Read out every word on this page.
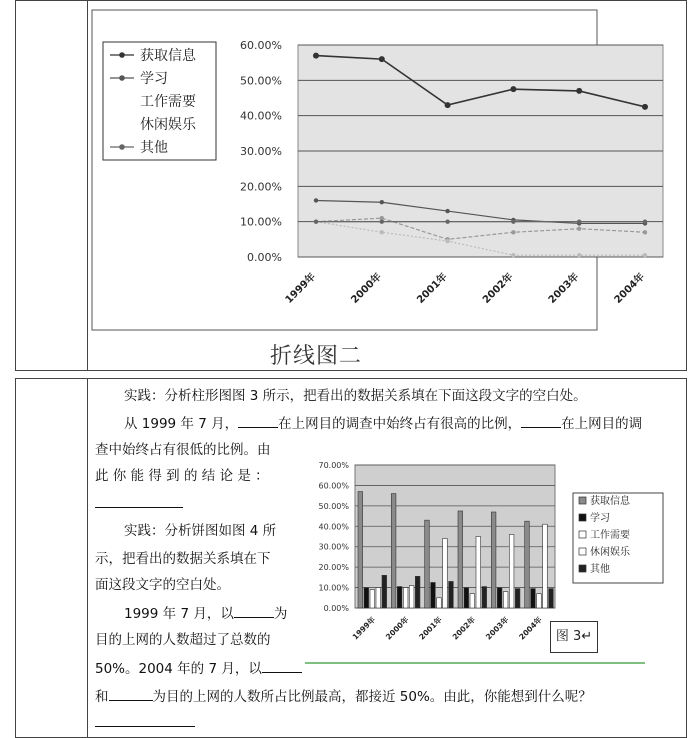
0.00%
10.00%
20.00%
30.00%
40.00%
50.00%
60.00%
1999年	2000年	2001年	2002年	2003年	2004年
获取信息
学习
工作需要
休闲娱乐
其他
折线图二
实践：分析柱形图图 3 所示，把看出的数据关系填在下面这段文字的空白处。
从 1999 年 7 月，	在上网目的调查中始终占有很高的比例，	在上网目的调
查中始终占有很低的比例。由
此 你 能 得 到 的 结 论 是 ：
实践：分析饼图如图 4 所
示，把看出的数据关系填在下
面这段文字的空白处。
1999 年 7 月，以	为
目的上网的人数超过了总数的
50%。2004 年的 7 月，以
和	为目的上网的人数所占比例最高，都接近 50%。由此，你能想到什么呢？
0.00%
10.00%
20.00%
30.00%
40.00%
50.00%
60.00%
70.00%
1999年 2000年 2001年 2002年 2003年 2004年
获取信息
学习
工作需要
休闲娱乐
其他
图 3↵
